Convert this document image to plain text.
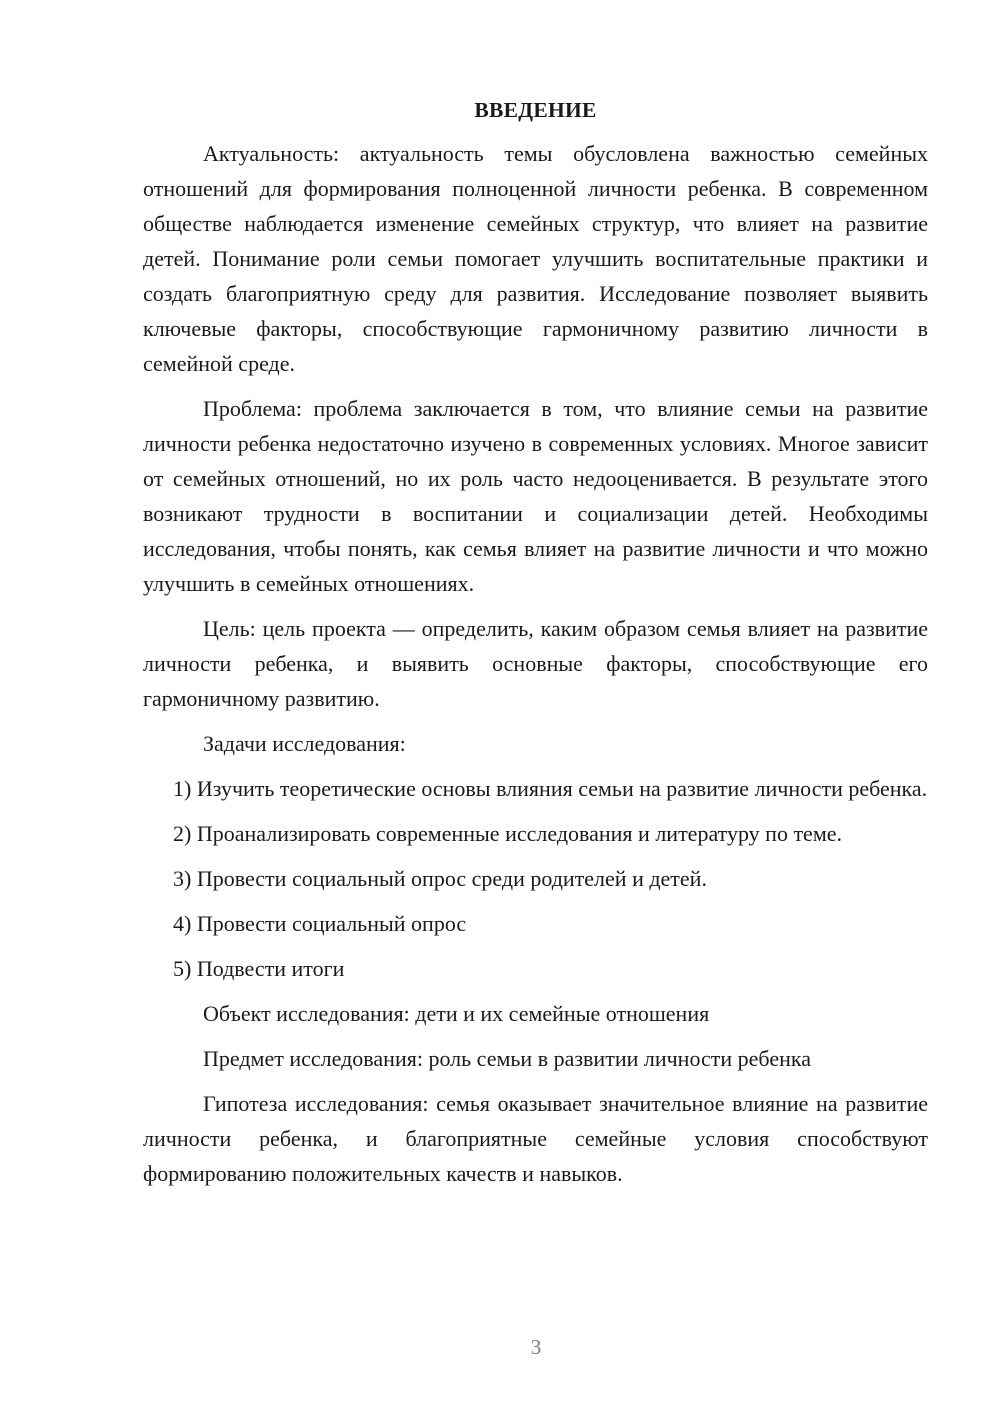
ВВЕДЕНИЕ

Актуальность: актуальность темы обусловлена важностью семейных отношений для формирования полноценной личности ребенка. В современном обществе наблюдается изменение семейных структур, что влияет на развитие детей. Понимание роли семьи помогает улучшить воспитательные практики и создать благоприятную среду для развития. Исследование позволяет выявить ключевые факторы, способствующие гармоничному развитию личности в семейной среде.

Проблема: проблема заключается в том, что влияние семьи на развитие личности ребенка недостаточно изучено в современных условиях. Многое зависит от семейных отношений, но их роль часто недооценивается. В результате этого возникают трудности в воспитании и социализации детей. Необходимы исследования, чтобы понять, как семья влияет на развитие личности и что можно улучшить в семейных отношениях.

Цель: цель проекта — определить, каким образом семья влияет на развитие личности ребенка, и выявить основные факторы, способствующие его гармоничному развитию.

Задачи исследования:

1) Изучить теоретические основы влияния семьи на развитие личности ребенка.

2) Проанализировать современные исследования и литературу по теме.

3) Провести социальный опрос среди родителей и детей.

4) Провести социальный опрос

5) Подвести итоги

Объект исследования: дети и их семейные отношения

Предмет исследования: роль семьи в развитии личности ребенка

Гипотеза исследования: семья оказывает значительное влияние на развитие личности ребенка, и благоприятные семейные условия способствуют формированию положительных качеств и навыков.

3
